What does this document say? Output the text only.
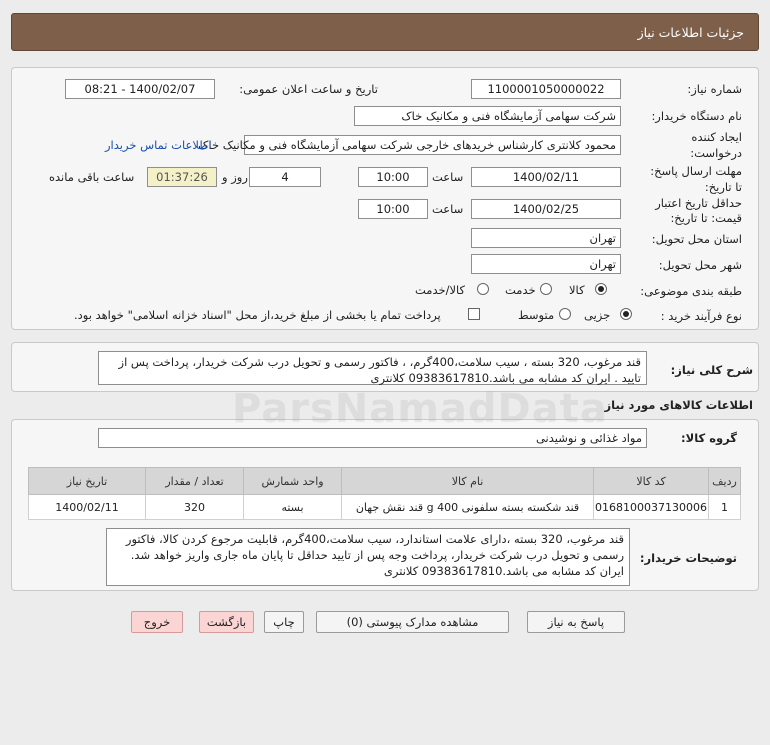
جزئیات اطلاعات نیاز
شماره نیاز:
1100001050000022
تاریخ و ساعت اعلان عمومی:
1400/02/07 - 08:21
نام دستگاه خریدار:
شرکت سهامی آزمایشگاه فنی و مکانیک خاک
ایجاد کننده
درخواست:
محمود کلانتری کارشناس خریدهای خارجی شرکت سهامی آزمایشگاه فنی و مکانیک خاک
اطلاعات تماس خریدار
مهلت ارسال پاسخ:
تا تاریخ:
1400/02/11
ساعت
10:00
4
روز و
01:37:26
ساعت باقی مانده
حداقل تاریخ اعتبار
قیمت: تا تاریخ:
1400/02/25
ساعت
10:00
استان محل تحویل:
تهران
شهر محل تحویل:
تهران
طبقه بندی موضوعی:
کالا
خدمت
کالا/خدمت
نوع فرآیند خرید :
جزیی
متوسط
پرداخت تمام یا بخشی از مبلغ خرید،از محل "اسناد خزانه اسلامی" خواهد بود.
شرح کلی نیاز:
قند مرغوب، 320 بسته ، سیب سلامت،400گرم، ، فاکتور رسمی و تحویل درب شرکت خریدار، پرداخت پس از تایید . ایران کد مشابه می باشد.09383617810 کلانتری
اطلاعات کالاهای مورد نیاز
گروه کالا:
مواد غذائی و نوشیدنی
ردیف	کد کالا	نام کالا	واحد شمارش	تعداد / مقدار	تاریخ نیاز
1	0168100037130006	قند شکسته بسته سلفونی 400 g قند نقش جهان	بسته	320	1400/02/11
توضیحات خریدار:
قند مرغوب، 320 بسته ،دارای علامت استاندارد، سیب سلامت،400گرم، قابلیت مرجوع کردن کالا، فاکتور رسمی و تحویل درب شرکت خریدار، پرداخت وجه پس از تایید حداقل تا پایان ماه جاری واریز خواهد شد. ایران کد مشابه می باشد.09383617810 کلانتری
پاسخ به نیاز
مشاهده مدارک پیوستی (0)
چاپ
بازگشت
خروج
ParsNamadData
